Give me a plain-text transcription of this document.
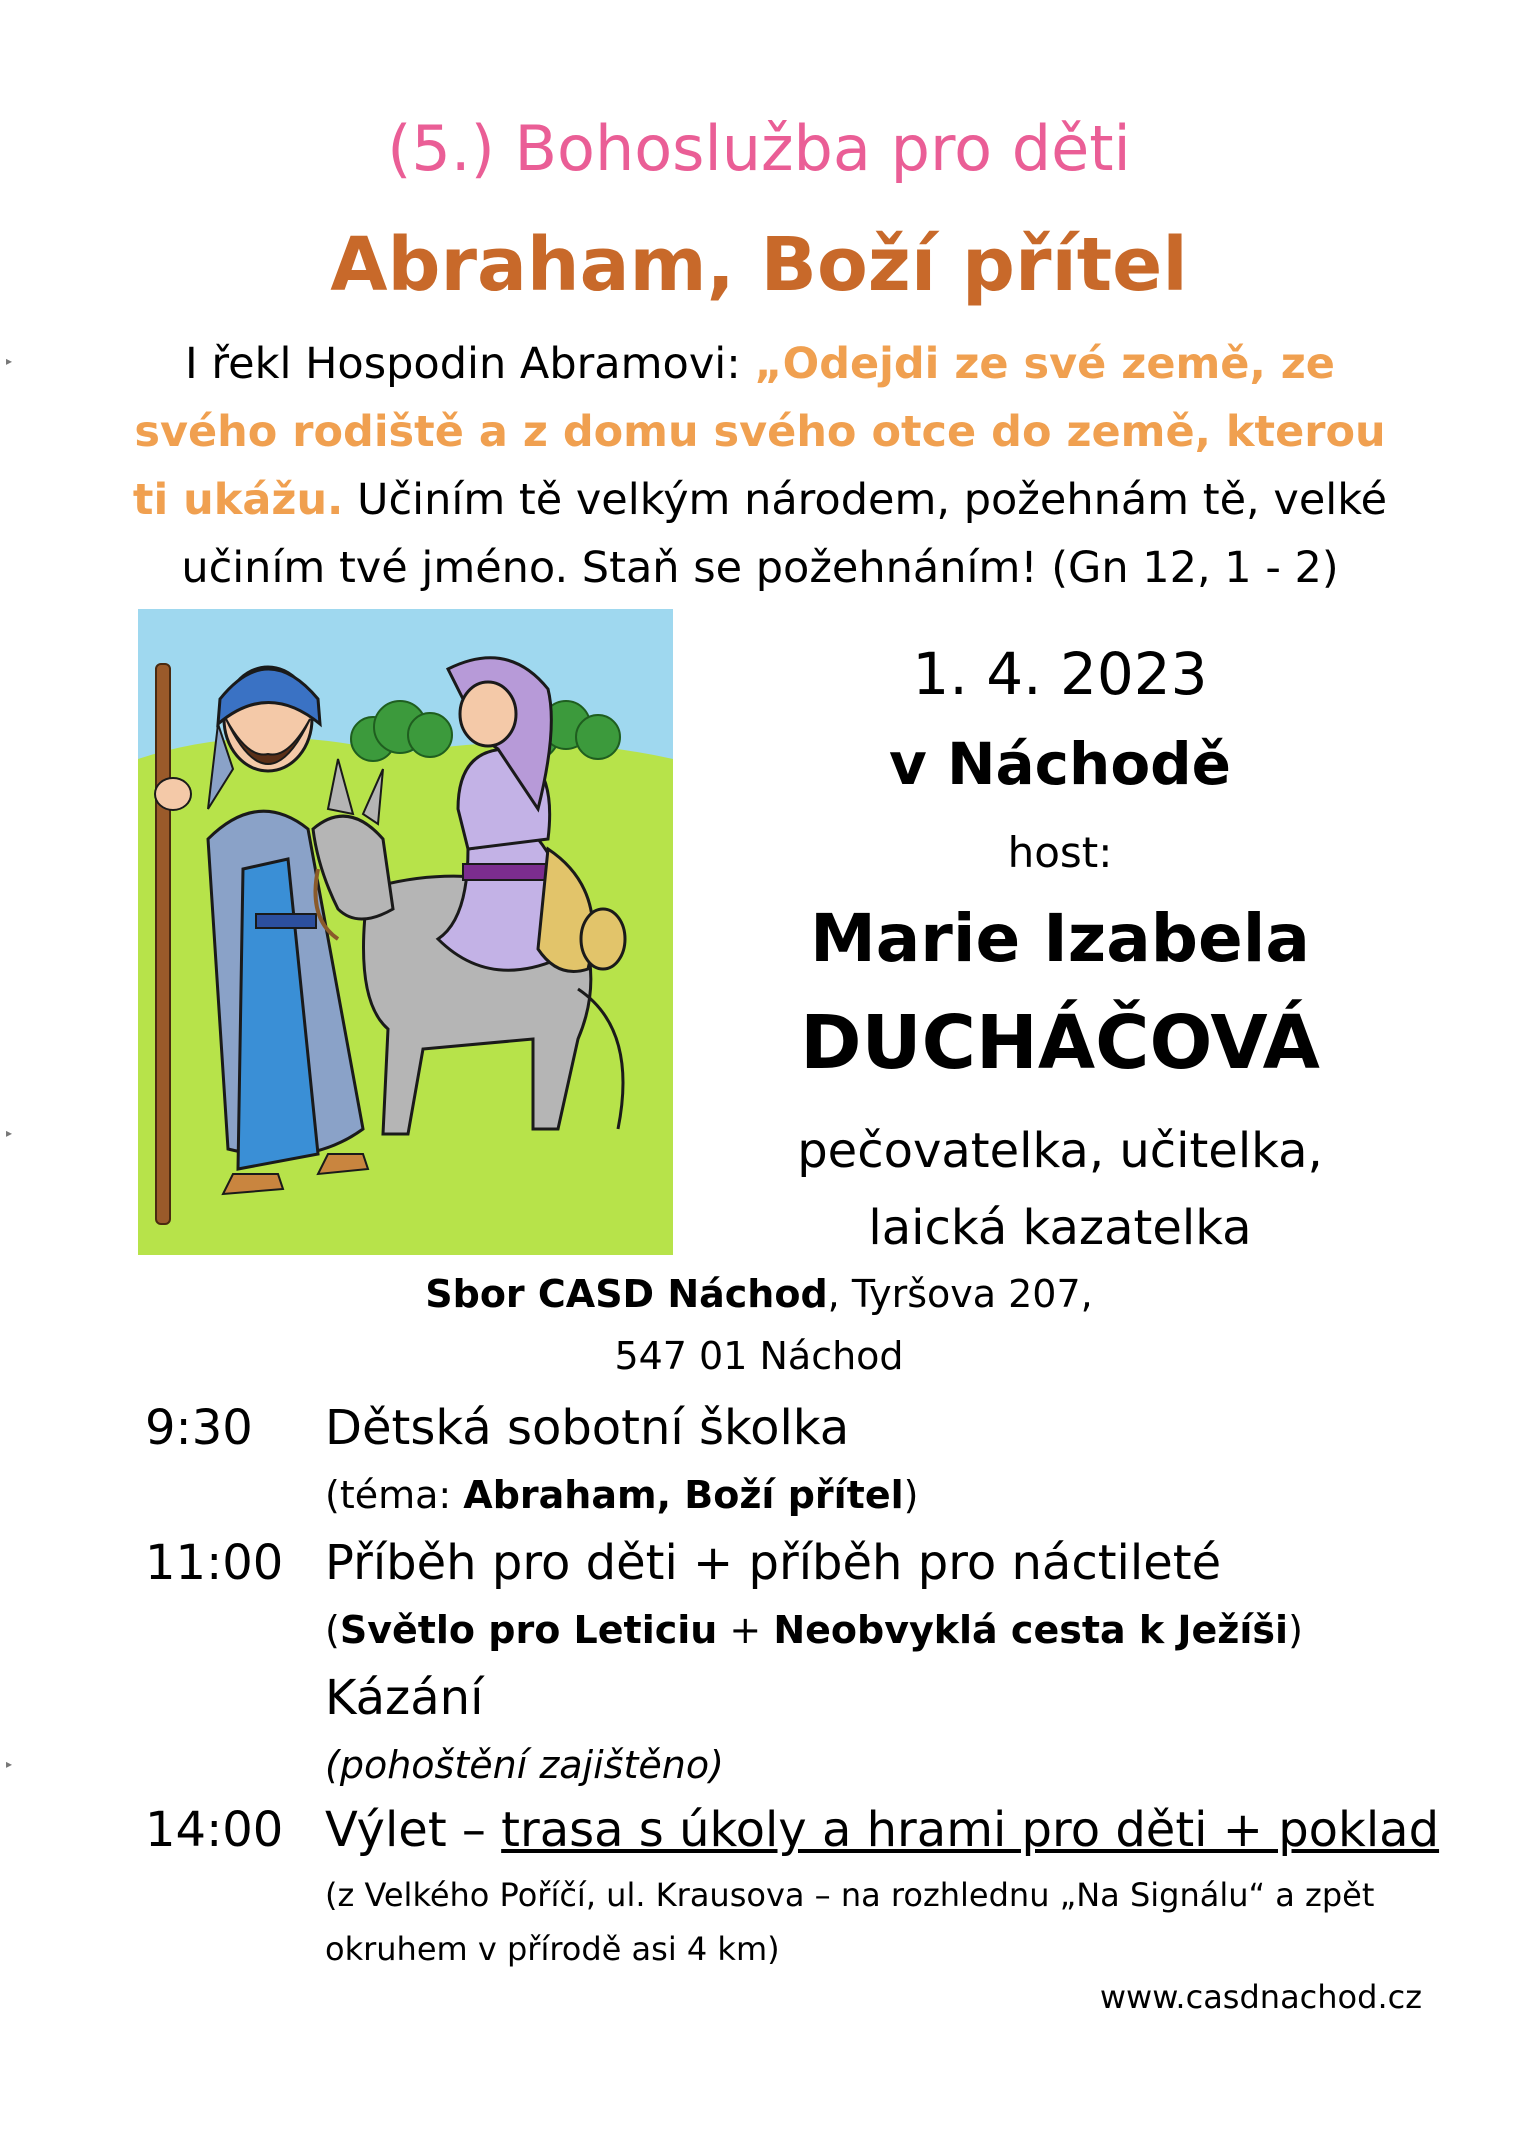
▸
▸
▸
(5.) Bohoslužba pro děti
Abraham, Boží přítel
I řekl Hospodin Abramovi: „Odejdi ze své země, ze svého rodiště a z domu svého otce do země, kterou ti ukážu. Učiním tě velkým národem, požehnám tě, velké učiním tvé jméno. Staň se požehnáním! (Gn 12, 1 - 2)
1. 4. 2023
v Náchodě
host:
Marie Izabela
DUCHÁČOVÁ
pečovatelka, učitelka,
laická kazatelka
Sbor CASD Náchod, Tyršova 207,
547 01 Náchod
9:30 Dětská sobotní školka
(téma: Abraham, Boží přítel)
11:00 Příběh pro děti + příběh pro náctileté
(Světlo pro Leticiu + Neobvyklá cesta k Ježíši)
Kázání
(pohoštění zajištěno)
14:00 Výlet – trasa s úkoly a hrami pro děti + poklad
(z Velkého Poříčí, ul. Krausova – na rozhlednu „Na Signálu“ a zpět
okruhem v přírodě asi 4 km)
www.casdnachod.cz
